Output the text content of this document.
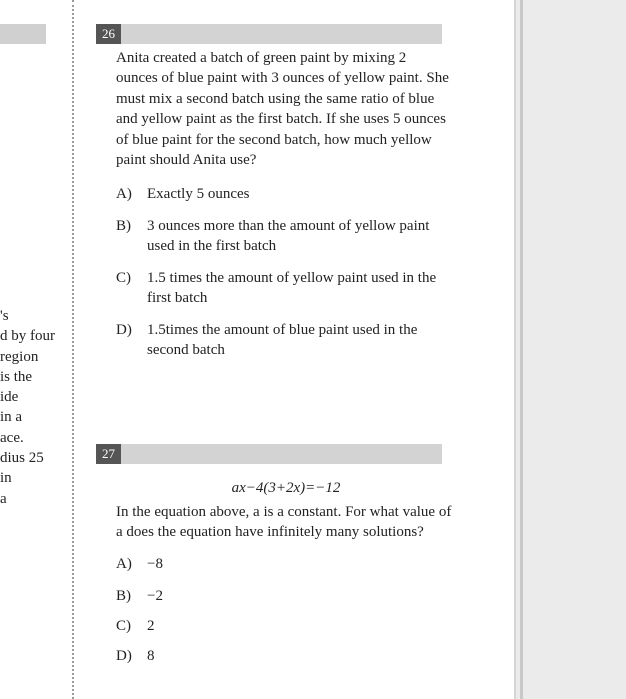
's
d by four
region
is the
ide
in a
ace.
dius 25
in
a
26
Anita created a batch of green paint by mixing 2
ounces of blue paint with 3 ounces of yellow paint. She
must mix a second batch using the same ratio of blue
and yellow paint as the first batch. If she uses 5 ounces
of blue paint for the second batch, how much yellow
paint should Anita use?
A)	Exactly 5 ounces
B)	3 ounces more than the amount of yellow paint
used in the first batch
C)	1.5 times the amount of yellow paint used in the
first batch
D)	1.5times the amount of blue paint used in the
second batch
27
ax−4(3+2x)=−12
In the equation above, a is a constant. For what value of
a does the equation have infinitely many solutions?
A)	−8
B)	−2
C)	2
D)	8
